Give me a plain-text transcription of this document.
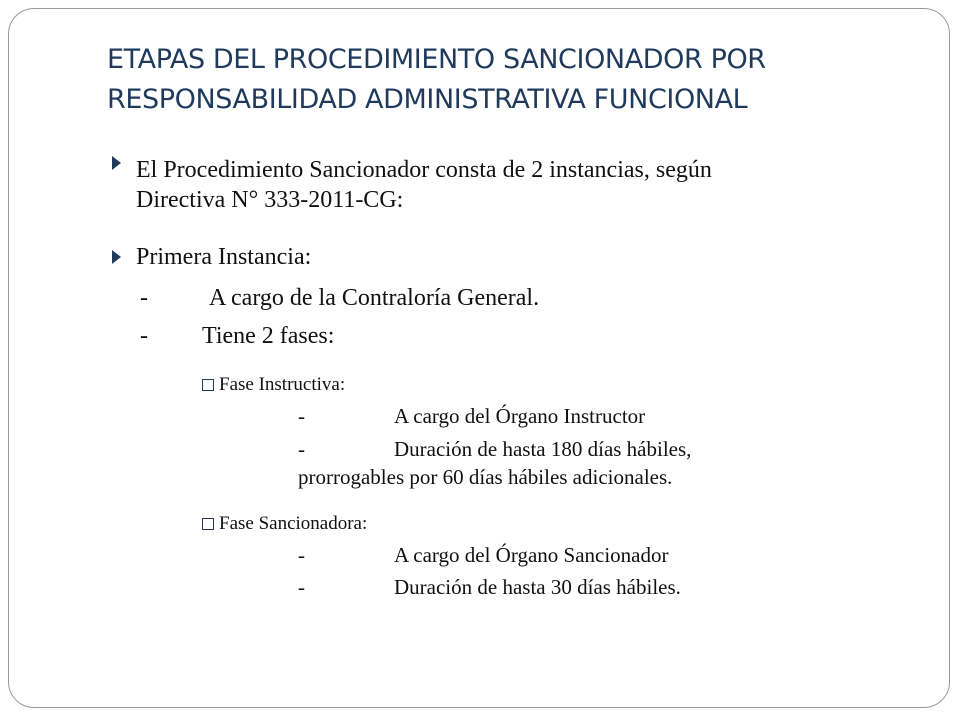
ETAPAS DEL PROCEDIMIENTO SANCIONADOR POR
RESPONSABILIDAD ADMINISTRATIVA FUNCIONAL
El Procedimiento Sancionador consta de 2 instancias, según
Directiva N° 333-2011-CG:
Primera Instancia:
-	A cargo de la Contraloría General.
- Tiene 2 fases:
Fase Instructiva:
-	A cargo del Órgano Instructor
-	Duración de hasta 180 días hábiles,
prorrogables por 60 días hábiles adicionales.
Fase Sancionadora:
-	A cargo del Órgano Sancionador
-	Duración de hasta 30 días hábiles.
